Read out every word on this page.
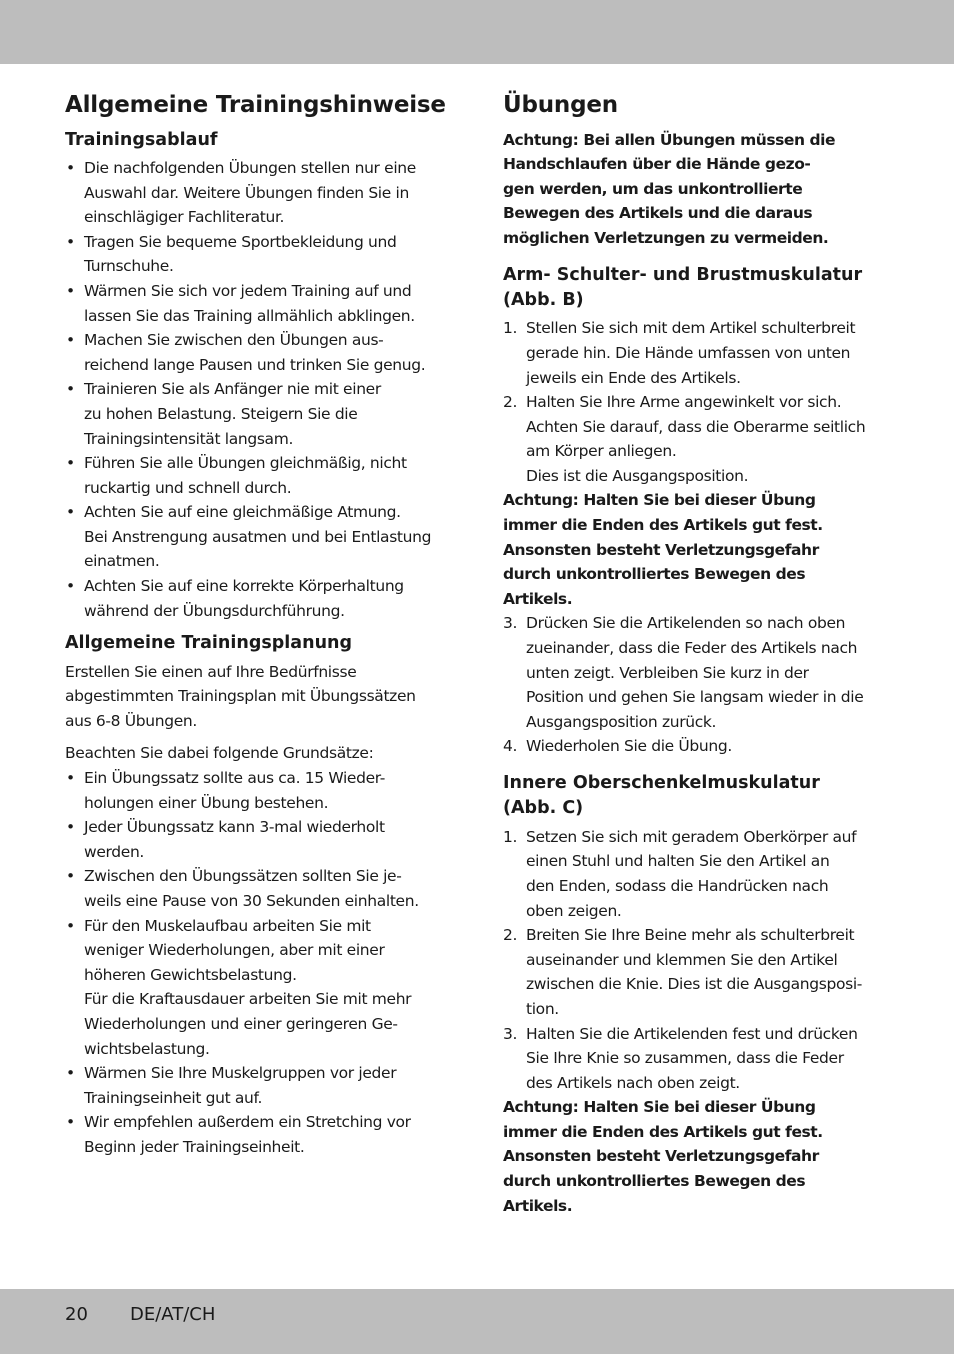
Allgemeine Trainingshinweise
Trainingsablauf
• Die nachfolgenden Übungen stellen nur eine
Auswahl dar. Weitere Übungen finden Sie in
einschlägiger Fachliteratur.
• Tragen Sie bequeme Sportbekleidung und
Turnschuhe.
• Wärmen Sie sich vor jedem Training auf und
lassen Sie das Training allmählich abklingen.
• Machen Sie zwischen den Übungen aus-
reichend lange Pausen und trinken Sie genug.
• Trainieren Sie als Anfänger nie mit einer
zu hohen Belastung. Steigern Sie die
Trainingsintensität langsam.
• Führen Sie alle Übungen gleichmäßig, nicht
ruckartig und schnell durch.
• Achten Sie auf eine gleichmäßige Atmung.
Bei Anstrengung ausatmen und bei Entlastung
einatmen.
• Achten Sie auf eine korrekte Körperhaltung
während der Übungsdurchführung.
Allgemeine Trainingsplanung

Erstellen Sie einen auf Ihre Bedürfnisse
abgestimmten Trainingsplan mit Übungssätzen
aus 6-8 Übungen.

Beachten Sie dabei folgende Grundsätze:

• Ein Übungssatz sollte aus ca. 15 Wieder-
holungen einer Übung bestehen.
• Jeder Übungssatz kann 3-mal wiederholt
werden.
• Zwischen den Übungssätzen sollten Sie je-
weils eine Pause von 30 Sekunden einhalten.
• Für den Muskelaufbau arbeiten Sie mit
weniger Wiederholungen, aber mit einer
höheren Gewichtsbelastung.
Für die Kraftausdauer arbeiten Sie mit mehr
Wiederholungen und einer geringeren Ge-
wichtsbelastung.
• Wärmen Sie Ihre Muskelgruppen vor jeder
Trainingseinheit gut auf.
• Wir empfehlen außerdem ein Stretching vor
Beginn jeder Trainingseinheit.
Übungen

Achtung: Bei allen Übungen müssen die
Handschlaufen über die Hände gezo-
gen werden, um das unkontrollierte
Bewegen des Artikels und die daraus
möglichen Verletzungen zu vermeiden.

Arm- Schulter- und Brustmuskulatur
(Abb. B)
1. Stellen Sie sich mit dem Artikel schulterbreit
gerade hin. Die Hände umfassen von unten
jeweils ein Ende des Artikels.
2. Halten Sie Ihre Arme angewinkelt vor sich.
Achten Sie darauf, dass die Oberarme seitlich
am Körper anliegen.
Dies ist die Ausgangsposition.

Achtung: Halten Sie bei dieser Übung
immer die Enden des Artikels gut fest.
Ansonsten besteht Verletzungsgefahr
durch unkontrolliertes Bewegen des
Artikels.

3. Drücken Sie die Artikelenden so nach oben
zueinander, dass die Feder des Artikels nach
unten zeigt. Verbleiben Sie kurz in der
Position und gehen Sie langsam wieder in die
Ausgangsposition zurück.
4. Wiederholen Sie die Übung.
Innere Oberschenkelmuskulatur
(Abb. C)
1. Setzen Sie sich mit geradem Oberkörper auf
einen Stuhl und halten Sie den Artikel an
den Enden, sodass die Handrücken nach
oben zeigen.
2. Breiten Sie Ihre Beine mehr als schulterbreit
auseinander und klemmen Sie den Artikel
zwischen die Knie. Dies ist die Ausgangsposi-
tion.
3. Halten Sie die Artikelenden fest und drücken
Sie Ihre Knie so zusammen, dass die Feder
des Artikels nach oben zeigt.

Achtung: Halten Sie bei dieser Übung
immer die Enden des Artikels gut fest.
Ansonsten besteht Verletzungsgefahr
durch unkontrolliertes Bewegen des
Artikels.

20 DE/AT/CH
